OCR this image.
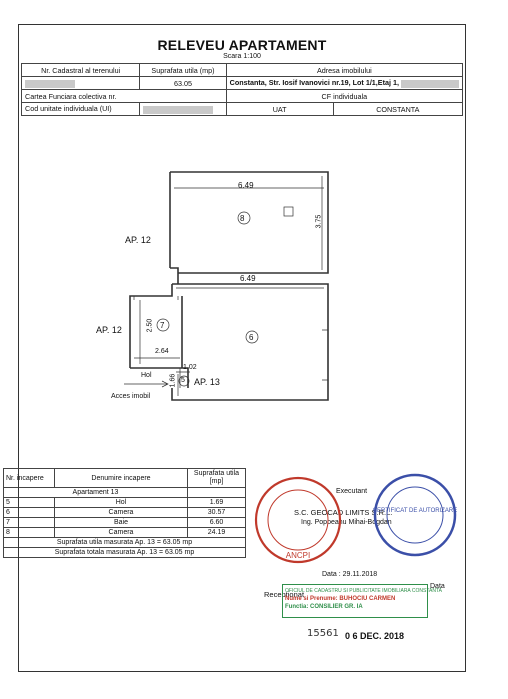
RELEVEU APARTAMENT
Scara 1:100
Nr. Cadastral al terenului	Suprafata utila (mp)	Adresa imobilului	
	63.05	Constanta, Str. Iosif Ivanovici nr.19, Lot 1/1,Etaj 1,	
Cartea Funciara colectiva nr.		CF individuala	
Cod unitate individuala (UI)		UAT	CONSTANTA
6.49
3.75
6.49
2.50
2.64
1.02
1.66
8
6
7
5
AP. 12
AP. 12
AP. 13
Hol
Acces imobil
Nr. incapere	Denumire incapere	Suprafata utila [mp]
Apartament 13		
5	Hol	1.69
6	Camera	30.57
7	Baie	6.60
8	Camera	24.19
Suprafata utila masurata Ap. 13 = 63.05 mp		
Suprafata totala masurata Ap. 13 = 63.05 mp		
Executant
S.C. GEOCAD LIMITS S.R.L.
Ing. Popoeanu Mihai-Bogdan
Data : 29.11.2018
Receptionat
Data
ANCPI
CERTIFICAT DE AUTORIZARE
OFICIUL DE CADASTRU SI PUBLICITATE IMOBILIARA CONSTANTA
Nume si Prenume: BUHOCIU CARMEN
Functia: CONSILIER GR. IA
15561 0 6 DEC. 2018
